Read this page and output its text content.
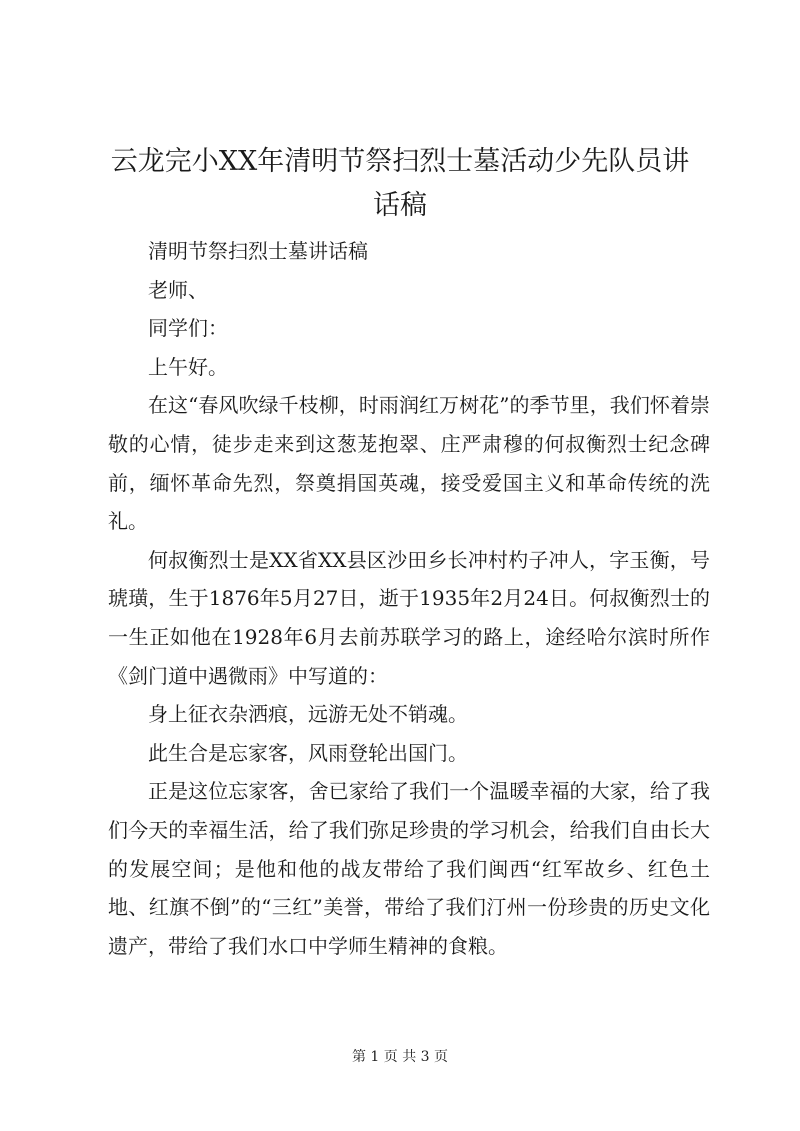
云龙完小XX年清明节祭扫烈士墓活动少先队员讲话稿

清明节祭扫烈士墓讲话稿

老师、

同学们：

上午好。

在这“春风吹绿千枝柳，时雨润红万树花”的季节里，我们怀着崇敬的心情，徒步走来到这葱茏抱翠、庄严肃穆的何叔衡烈士纪念碑前，缅怀革命先烈，祭奠捐国英魂，接受爱国主义和革命传统的洗礼。

何叔衡烈士是XX省XX县区沙田乡长冲村杓子冲人，字玉衡，号琥璜，生于1876年5月27日，逝于1935年2月24日。何叔衡烈士的一生正如他在1928年6月去前苏联学习的路上，途经哈尔滨时所作《剑门道中遇微雨》中写道的：

身上征衣杂洒痕，远游无处不销魂。

此生合是忘家客，风雨登轮出国门。

正是这位忘家客，舍已家给了我们一个温暖幸福的大家，给了我们今天的幸福生活，给了我们弥足珍贵的学习机会，给我们自由长大的发展空间；是他和他的战友带给了我们闽西“红军故乡、红色土地、红旗不倒”的“三红”美誉，带给了我们汀州一份珍贵的历史文化遗产，带给了我们水口中学师生精神的食粮。

第 1 页 共 3 页
